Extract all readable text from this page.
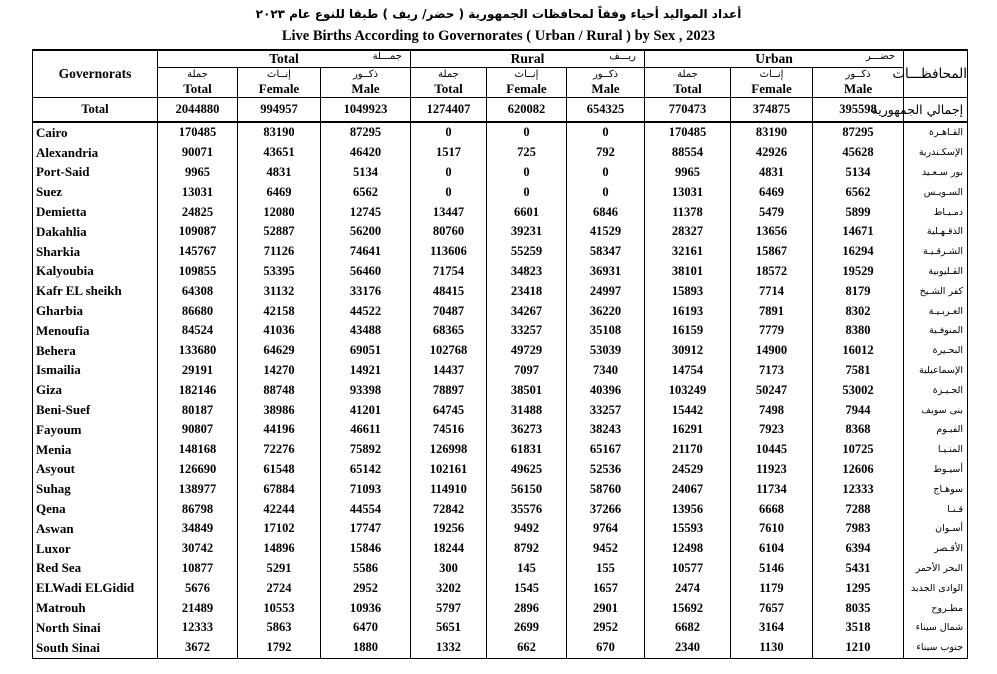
أعداد المواليد أحياء وفقاً لمحافظات الجمهورية ( حضر/ ريف ) طبقا للنوع عام ٢٠٢٣
Live Births According to Governorates ( Urban / Rural ) by Sex , 2023
Governorats	Total جمـــلة			Rural ريـــف			Urban حضـــر			المحافظـــات
	جملة	إنــاث	ذكــور	جملة	إنــاث	ذكــور	جملة	إنــاث	ذكــور	
	Total	Female	Male	Total	Female	Male	Total	Female	Male	
Total	2044880	994957	1049923	1274407	620082	654325	770473	374875	395598	إجمالي الجمهورية
Cairo	170485	83190	87295	0	0	0	170485	83190	87295	القـاهـرة
Alexandria	90071	43651	46420	1517	725	792	88554	42926	45628	الإسكـندرية
Port-Said	9965	4831	5134	0	0	0	9965	4831	5134	بور سـعـيد
Suez	13031	6469	6562	0	0	0	13031	6469	6562	السـويـس
Demietta	24825	12080	12745	13447	6601	6846	11378	5479	5899	دمـيـاط
Dakahlia	109087	52887	56200	80760	39231	41529	28327	13656	14671	الدقـهـلية
Sharkia	145767	71126	74641	113606	55259	58347	32161	15867	16294	الشـرقـيـة
Kalyoubia	109855	53395	56460	71754	34823	36931	38101	18572	19529	القـليوبية
Kafr EL sheikh	64308	31132	33176	48415	23418	24997	15893	7714	8179	كفر الشـيخ
Gharbia	86680	42158	44522	70487	34267	36220	16193	7891	8302	الغـربـيـة
Menoufia	84524	41036	43488	68365	33257	35108	16159	7779	8380	المنوفـية
Behera	133680	64629	69051	102768	49729	53039	30912	14900	16012	البحـيرة
Ismailia	29191	14270	14921	14437	7097	7340	14754	7173	7581	الإسماعيلية
Giza	182146	88748	93398	78897	38501	40396	103249	50247	53002	الجـيـزة
Beni-Suef	80187	38986	41201	64745	31488	33257	15442	7498	7944	بنى سويف
Fayoum	90807	44196	46611	74516	36273	38243	16291	7923	8368	الفيـوم
Menia	148168	72276	75892	126998	61831	65167	21170	10445	10725	المنـيـا
Asyout	126690	61548	65142	102161	49625	52536	24529	11923	12606	أسيـوط
Suhag	138977	67884	71093	114910	56150	58760	24067	11734	12333	سوهـاج
Qena	86798	42244	44554	72842	35576	37266	13956	6668	7288	قـنـا
Aswan	34849	17102	17747	19256	9492	9764	15593	7610	7983	أسـوان
Luxor	30742	14896	15846	18244	8792	9452	12498	6104	6394	الأقـصر
Red Sea	10877	5291	5586	300	145	155	10577	5146	5431	البحر الأحمر
ELWadi ELGidid	5676	2724	2952	3202	1545	1657	2474	1179	1295	الوادى الجديد
Matrouh	21489	10553	10936	5797	2896	2901	15692	7657	8035	مطـروح
North Sinai	12333	5863	6470	5651	2699	2952	6682	3164	3518	شمال سيناء
South Sinai	3672	1792	1880	1332	662	670	2340	1130	1210	جنوب سيناء
